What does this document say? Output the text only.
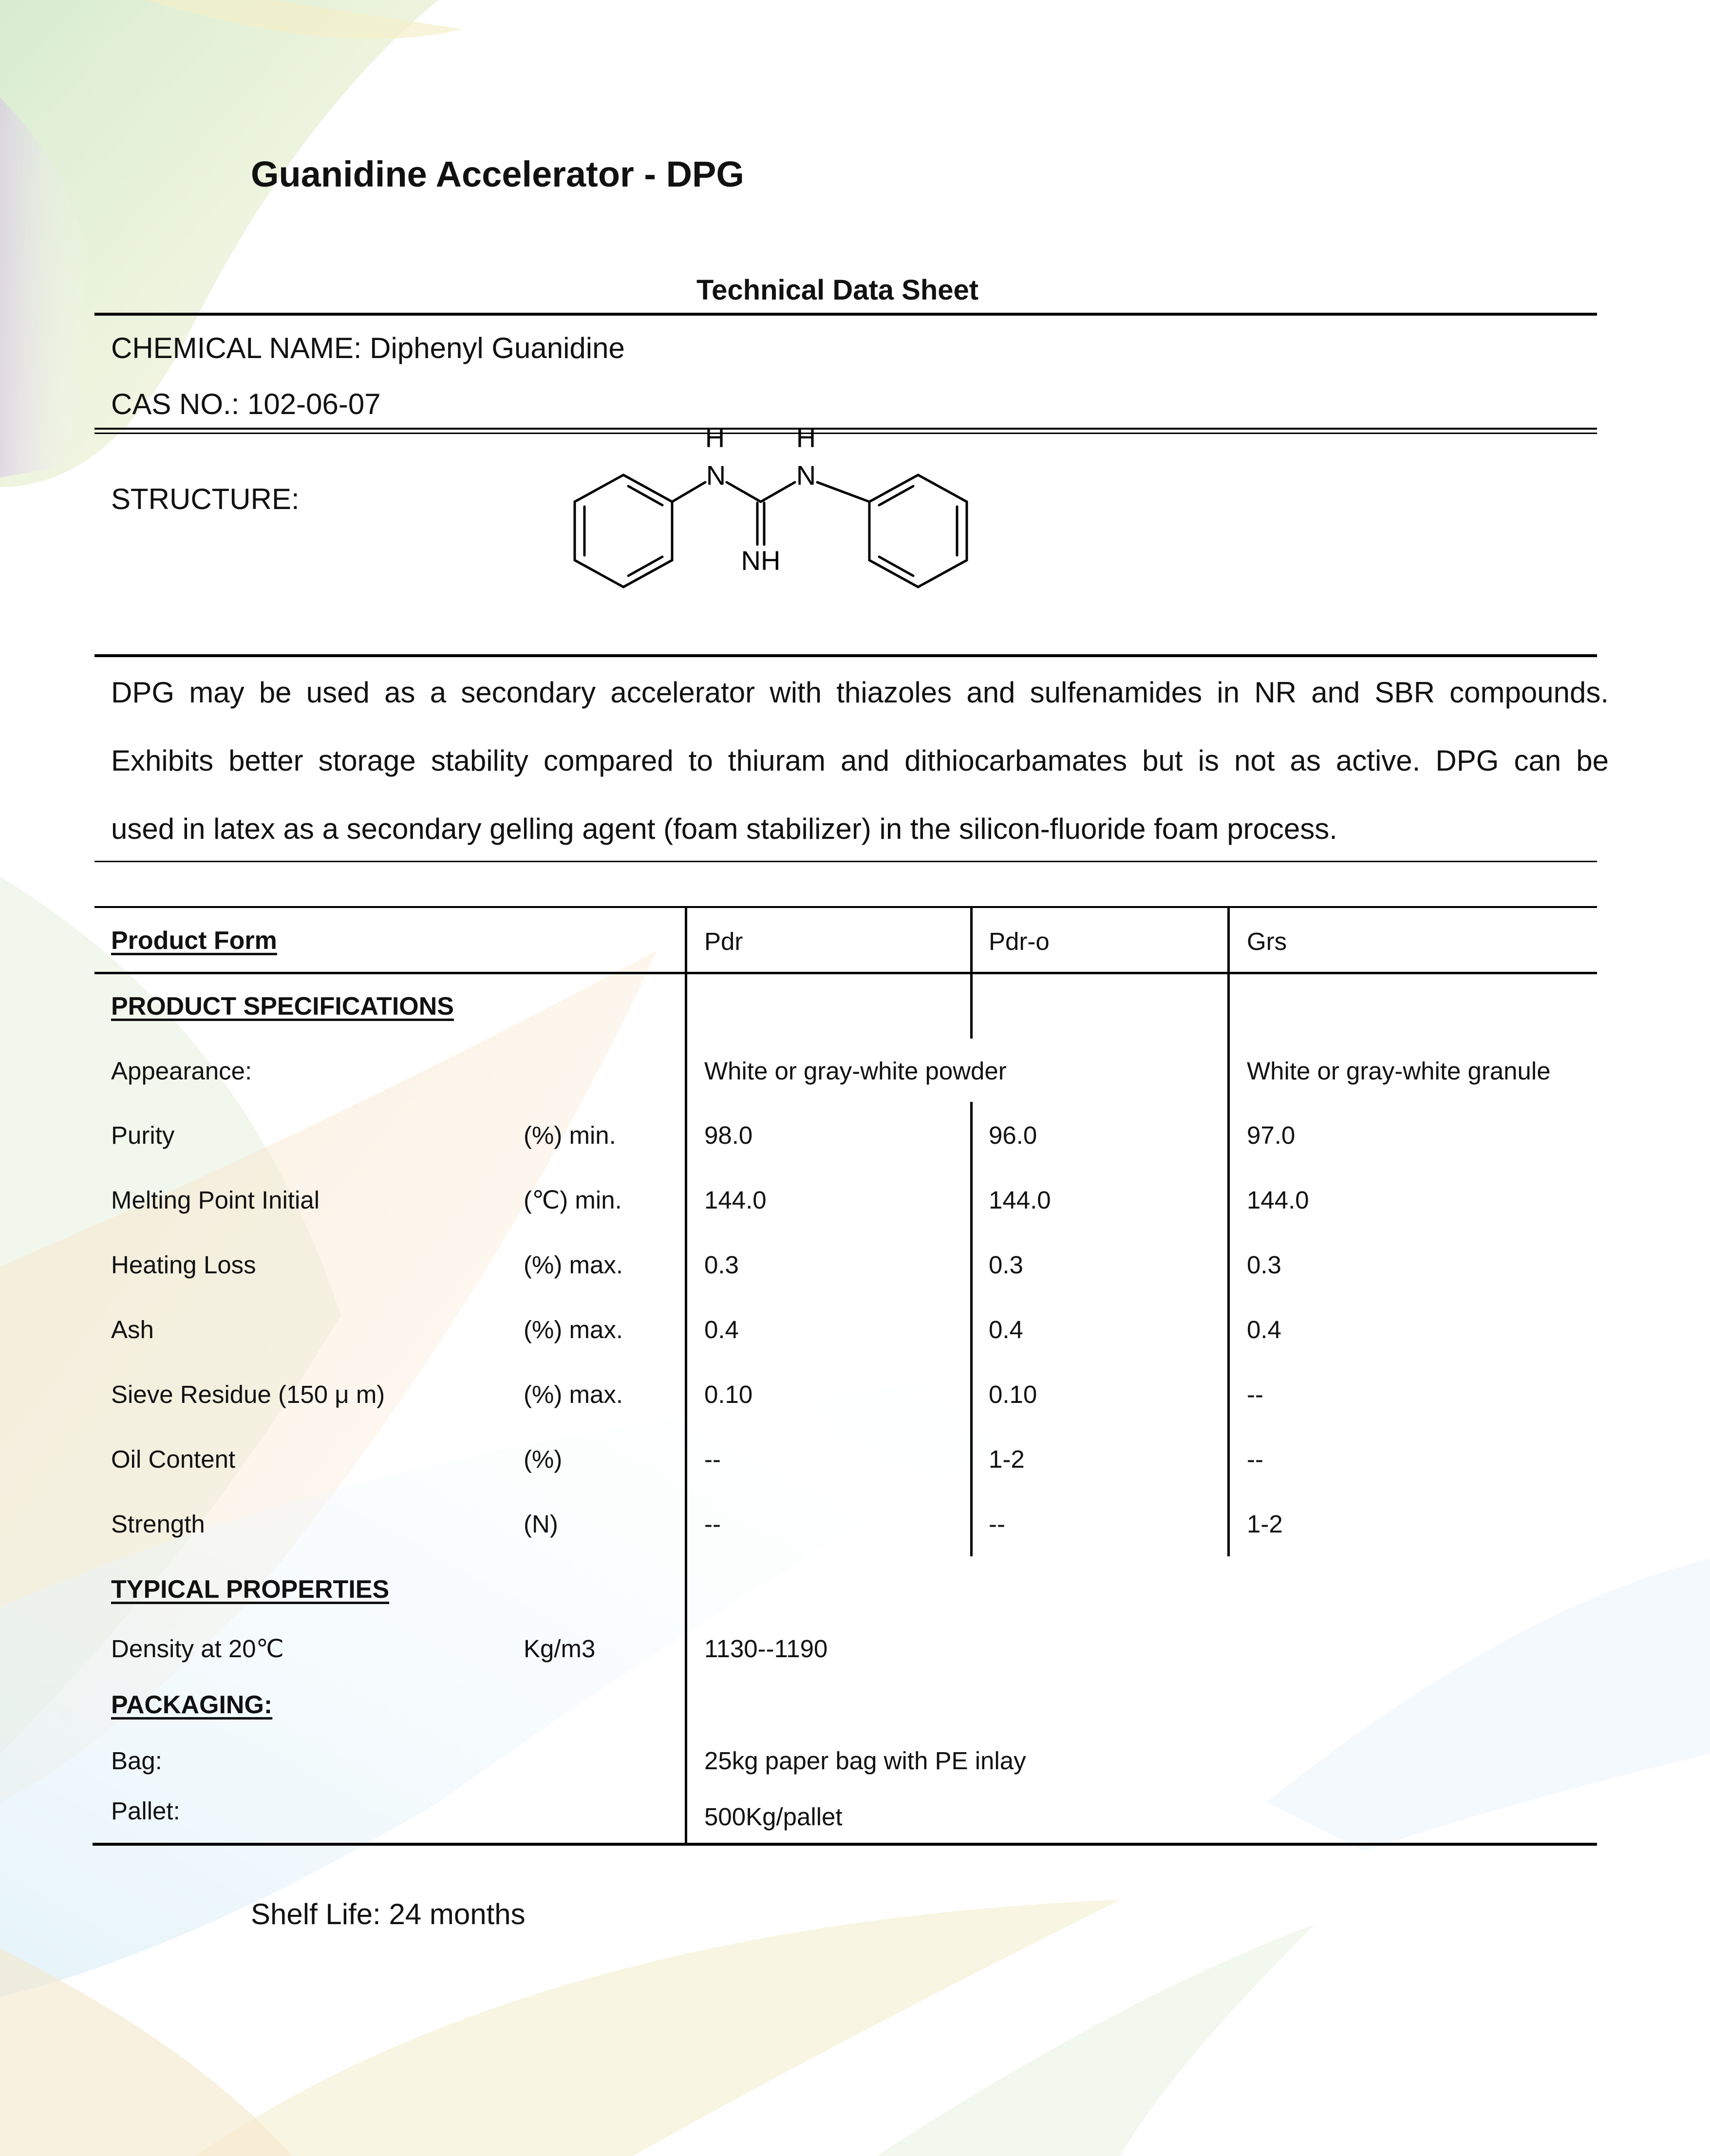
Guanidine Accelerator - DPG
Technical Data Sheet
CHEMICAL NAME: Diphenyl Guanidine
CAS NO.: 102-06-07
STRUCTURE:
H
N
H
N
NH
DPG may be used as a secondary accelerator with thiazoles and sulfenamides in NR and SBR compounds.
Exhibits better storage stability compared to thiuram and dithiocarbamates but is not as active. DPG can be
used in latex as a secondary gelling agent (foam stabilizer) in the silicon-fluoride foam process.
Product Form	Pdr	Pdr-o	Grs
PRODUCT SPECIFICATIONS
Appearance:	White or gray-white powder	White or gray-white granule
Purity	(%) min.	98.0	96.0	97.0
Melting Point Initial	(℃) min.	144.0	144.0	144.0
Heating Loss	(%) max.	0.3	0.3	0.3
Ash	(%) max.	0.4	0.4	0.4
Sieve Residue (150 μ m)	(%) max.	0.10	0.10	--
Oil Content	(%)	--	1-2	--
Strength	(N)	--	--	1-2
TYPICAL PROPERTIES
Density at 20℃	Kg/m3	1130--1190
PACKAGING:
Bag:	25kg paper bag with PE inlay
Pallet:	500Kg/pallet
Shelf Life: 24 months
